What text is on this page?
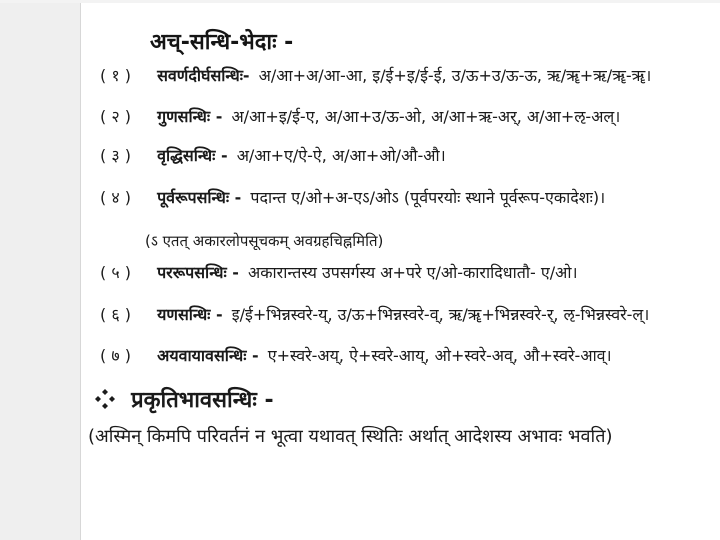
अच्-सन्धि-भेदाः -
( १ ) सवर्णदीर्घसन्धिः- अ/आ+अ/आ-आ, इ/ई+इ/ई-ई, उ/ऊ+उ/ऊ-ऊ, ऋ/ॠ+ऋ/ॠ-ॠ।
( २ ) गुणसन्धिः - अ/आ+इ/ई-ए, अ/आ+उ/ऊ-ओ, अ/आ+ऋ-अर्, अ/आ+ऌ-अल्।
( ३ ) वृद्धिसन्धिः - अ/आ+ए/ऐ-ऐ, अ/आ+ओ/औ-औ।
( ४ ) पूर्वरूपसन्धिः - पदान्त ए/ओ+अ-एऽ/ओऽ (पूर्वपरयोः स्थाने पूर्वरूप-एकादेशः)।
(ऽ एतत् अकारलोपसूचकम् अवग्रहचिह्नमिति)
( ५ ) पररूपसन्धिः - अकारान्तस्य उपसर्गस्य अ+परे ए/ओ-कारादिधातौ- ए/ओ।
( ६ ) यणसन्धिः - इ/ई+भिन्नस्वरे-य्, उ/ऊ+भिन्नस्वरे-व्, ऋ/ॠ+भिन्नस्वरे-र्, ऌ-भिन्नस्वरे-ल्।
( ७ ) अयवायावसन्धिः - ए+स्वरे-अय्, ऐ+स्वरे-आय्, ओ+स्वरे-अव्, औ+स्वरे-आव्।
प्रकृतिभावसन्धिः -
(अस्मिन् किमपि परिवर्तनं न भूत्वा यथावत् स्थितिः अर्थात् आदेशस्य अभावः भवति)
